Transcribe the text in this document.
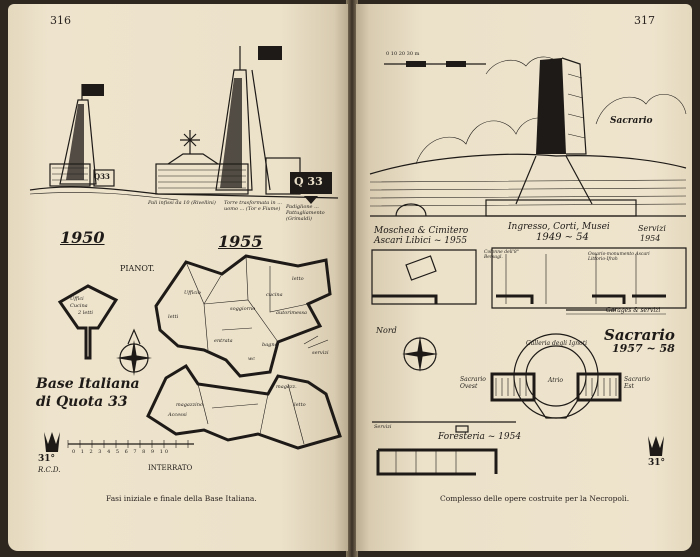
316
Pali infissi da 10 (Rivellini)	Torre trasformata in ... uomo ... (Tor e Fiume)	Padiglione ... Pattugliamento (Grimaldi)
Q33	Q 33
1950	1955
PIANOT.
Uffici
Cucina
2 letti
letti
Ufficio
soggiorno
cucina
letto
autorimessa
entrata
bagno
servizi
wc
magazz.
magazzino	letto
Accessi
Base Italiana
di Quota 33
0 1 2 3 4 5 6 7 8 9 10
INTERRATO
31°
R.C.D.
Fasi iniziale e finale della Base Italiana.
317
0 10 20 30 m
Sacrario
Moschea & Cimitero
Ascari Libici ~ 1955
Ingresso, Corti, Musei
1949 ~ 54
Servizi
1954
Colonne dell'8° Bersagl.
Ossario-monumento Ascari Littorio-Ifrah
Garages & servizi
Nord	Sacrario
1957 ~ 58
Galleria degli Ignoti
Atrio
Sacrario Ovest
Sacrario Est
Servizi
Foresteria ~ 1954
31°
Complesso delle opere costruite per la Necropoli.
